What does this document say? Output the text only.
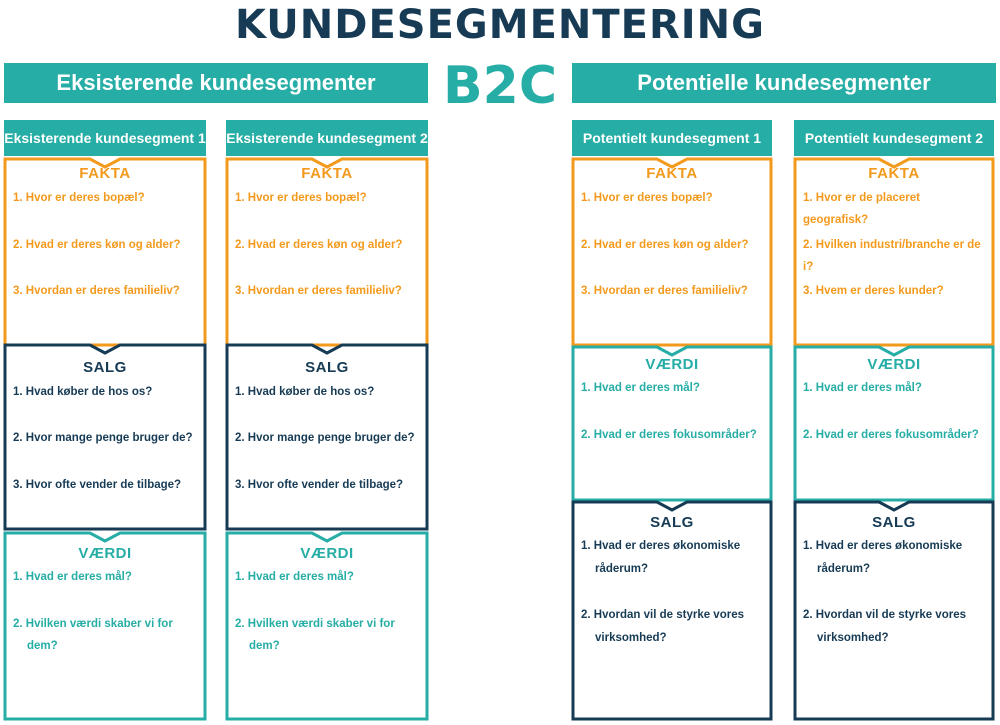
KUNDESEGMENTERING
Eksisterende kundesegmenter	B2C	Potentielle kundesegmenter
Eksisterende kundesegment 1 Eksisterende kundesegment 2	Potentielt kundesegment 1	Potentielt kundesegment 2
FAKTA
1. Hvor er deres bopæl?
2. Hvad er deres køn og alder?
3. Hvordan er deres familieliv?
SALG
1. Hvad køber de hos os?
2. Hvor mange penge bruger de?
3. Hvor ofte vender de tilbage?
VÆRDI
1. Hvad er deres mål?
2. Hvilken værdi skaber vi for
dem?
FAKTA
1. Hvor er deres bopæl?
2. Hvad er deres køn og alder?
3. Hvordan er deres familieliv?
SALG
1. Hvad køber de hos os?
2. Hvor mange penge bruger de?
3. Hvor ofte vender de tilbage?
VÆRDI
1. Hvad er deres mål?
2. Hvilken værdi skaber vi for
dem?
FAKTA
1. Hvor er deres bopæl?
2. Hvad er deres køn og alder?
3. Hvordan er deres familieliv?
VÆRDI
1. Hvad er deres mål?
2. Hvad er deres fokusområder?
SALG
1. Hvad er deres økonomiske
råderum?
2. Hvordan vil de styrke vores
virksomhed?
FAKTA
1. Hvor er de placeret geografisk?
2. Hvilken industri/branche er de i?
3. Hvem er deres kunder?
VÆRDI
1. Hvad er deres mål?
2. Hvad er deres fokusområder?
SALG
1. Hvad er deres økonomiske
råderum?
2. Hvordan vil de styrke vores
virksomhed?
